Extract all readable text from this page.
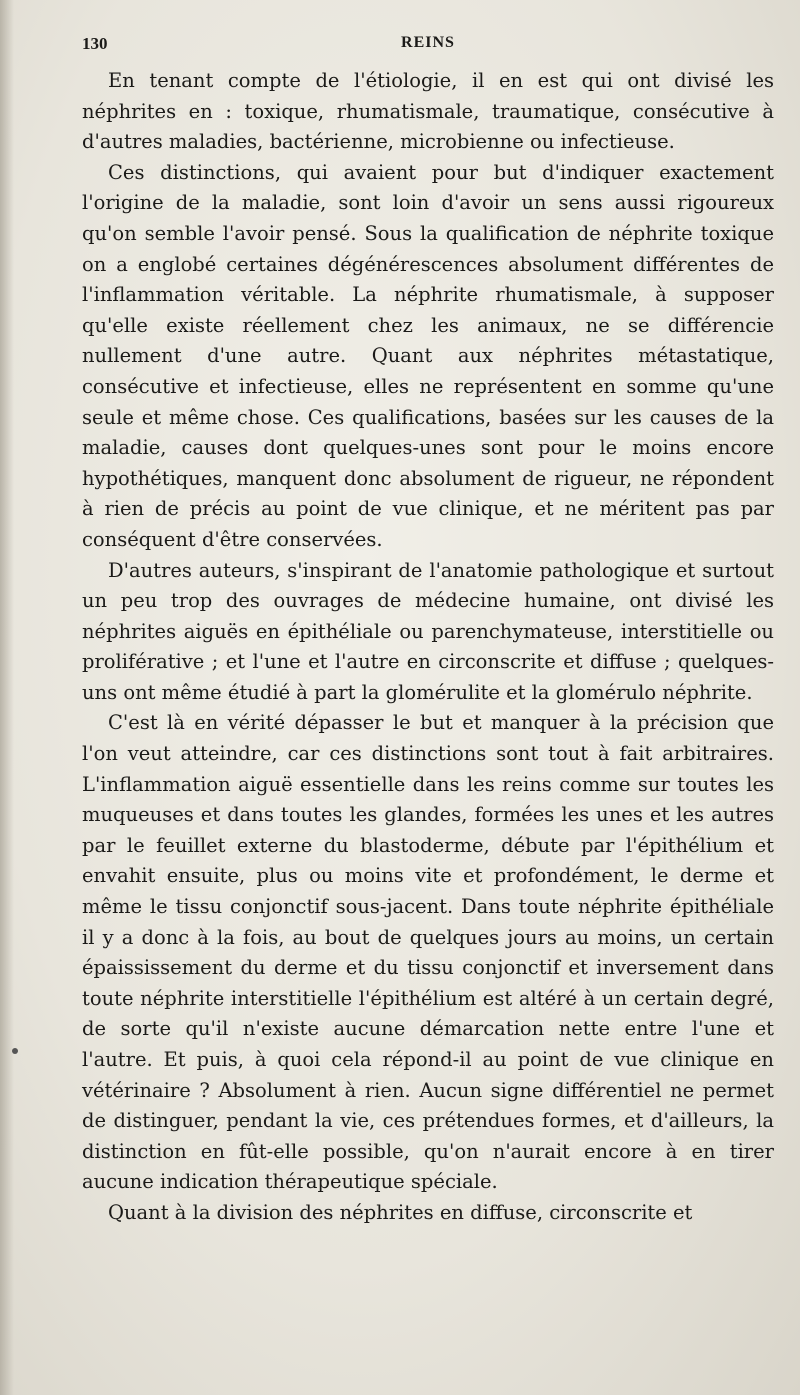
130	REINS

En tenant compte de l'étiologie, il en est qui ont divisé les néphrites en : toxique, rhumatismale, traumatique, consécutive à d'autres maladies, bactérienne, microbienne ou infectieuse.

Ces distinctions, qui avaient pour but d'indiquer exactement l'origine de la maladie, sont loin d'avoir un sens aussi rigoureux qu'on semble l'avoir pensé. Sous la qualification de néphrite toxique on a englobé certaines dégénérescences absolument différentes de l'inflammation véritable. La néphrite rhumatismale, à supposer qu'elle existe réellement chez les animaux, ne se différencie nullement d'une autre. Quant aux néphrites métastatique, consécutive et infectieuse, elles ne représentent en somme qu'une seule et même chose. Ces qualifications, basées sur les causes de la maladie, causes dont quelques-unes sont pour le moins encore hypothétiques, manquent donc absolument de rigueur, ne répondent à rien de précis au point de vue clinique, et ne méritent pas par conséquent d'être conservées.

D'autres auteurs, s'inspirant de l'anatomie pathologique et surtout un peu trop des ouvrages de médecine humaine, ont divisé les néphrites aiguës en épithéliale ou parenchymateuse, interstitielle ou proliférative ; et l'une et l'autre en circonscrite et diffuse ; quelques-uns ont même étudié à part la glomérulite et la glomérulo néphrite.

C'est là en vérité dépasser le but et manquer à la précision que l'on veut atteindre, car ces distinctions sont tout à fait arbitraires. L'inflammation aiguë essentielle dans les reins comme sur toutes les muqueuses et dans toutes les glandes, formées les unes et les autres par le feuillet externe du blastoderme, débute par l'épithélium et envahit ensuite, plus ou moins vite et profondément, le derme et même le tissu conjonctif sous-jacent. Dans toute néphrite épithéliale il y a donc à la fois, au bout de quelques jours au moins, un certain épaississement du derme et du tissu conjonctif et inversement dans toute néphrite interstitielle l'épithélium est altéré à un certain degré, de sorte qu'il n'existe aucune démarcation nette entre l'une et l'autre. Et puis, à quoi cela répond-il au point de vue clinique en vétérinaire ? Absolument à rien. Aucun signe différentiel ne permet de distinguer, pendant la vie, ces prétendues formes, et d'ailleurs, la distinction en fût-elle possible, qu'on n'aurait encore à en tirer aucune indication thérapeutique spéciale.

Quant à la division des néphrites en diffuse, circonscrite et
